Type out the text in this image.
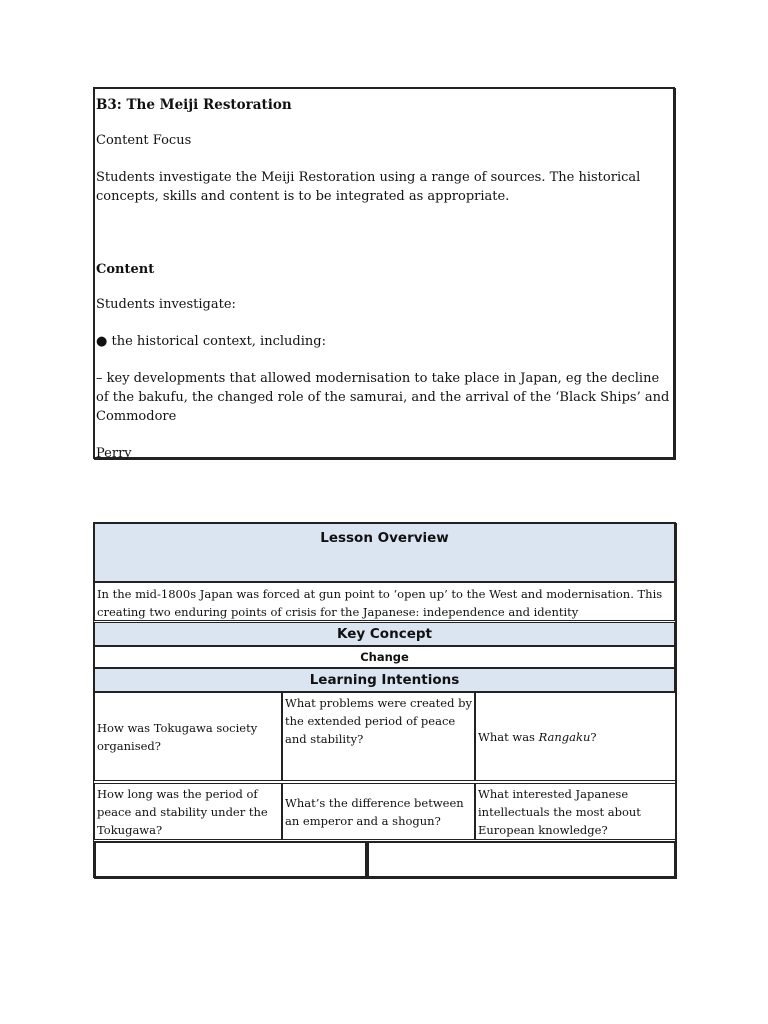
B3: The Meiji Restoration

Content Focus

Students investigate the Meiji Restoration using a range of sources. The historical concepts, skills and content is to be integrated as appropriate.

Content

Students investigate:

● the historical context, including:

– key developments that allowed modernisation to take place in Japan, eg the decline of the bakufu, the changed role of the samurai, and the arrival of the ‘Black Ships’ and Commodore

Perry

Lesson Overview
In the mid-1800s Japan was forced at gun point to ‘open up’ to the West and modernisation. This creating two enduring points of crisis for the Japanese: independence and identity
Key Concept
Change
Learning Intentions
How was Tokugawa society organised?
What problems were created by the extended period of peace and stability?	What was Rangaku?
How long was the period of peace and stability under the Tokugawa?
What’s the difference between an emperor and a shogun?
What interested Japanese intellectuals the most about European knowledge?
